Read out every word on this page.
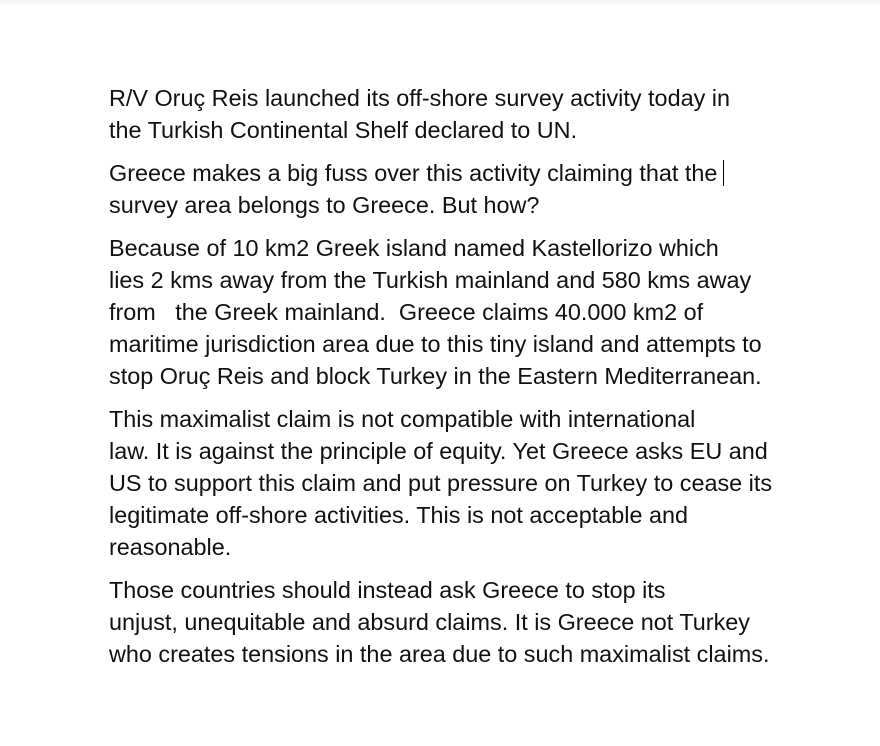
R/V Oruç Reis launched its off-shore survey activity today in
the Turkish Continental Shelf declared to UN.

Greece makes a big fuss over this activity claiming that the
survey area belongs to Greece. But how?

Because of 10 km2 Greek island named Kastellorizo which
lies 2 kms away from the Turkish mainland and 580 kms away
from   the Greek mainland.  Greece claims 40.000 km2 of
maritime jurisdiction area due to this tiny island and attempts to
stop Oruç Reis and block Turkey in the Eastern Mediterranean.

This maximalist claim is not compatible with international
law. It is against the principle of equity. Yet Greece asks EU and
US to support this claim and put pressure on Turkey to cease its
legitimate off-shore activities. This is not acceptable and
reasonable.

Those countries should instead ask Greece to stop its
unjust, unequitable and absurd claims. It is Greece not Turkey
who creates tensions in the area due to such maximalist claims.
